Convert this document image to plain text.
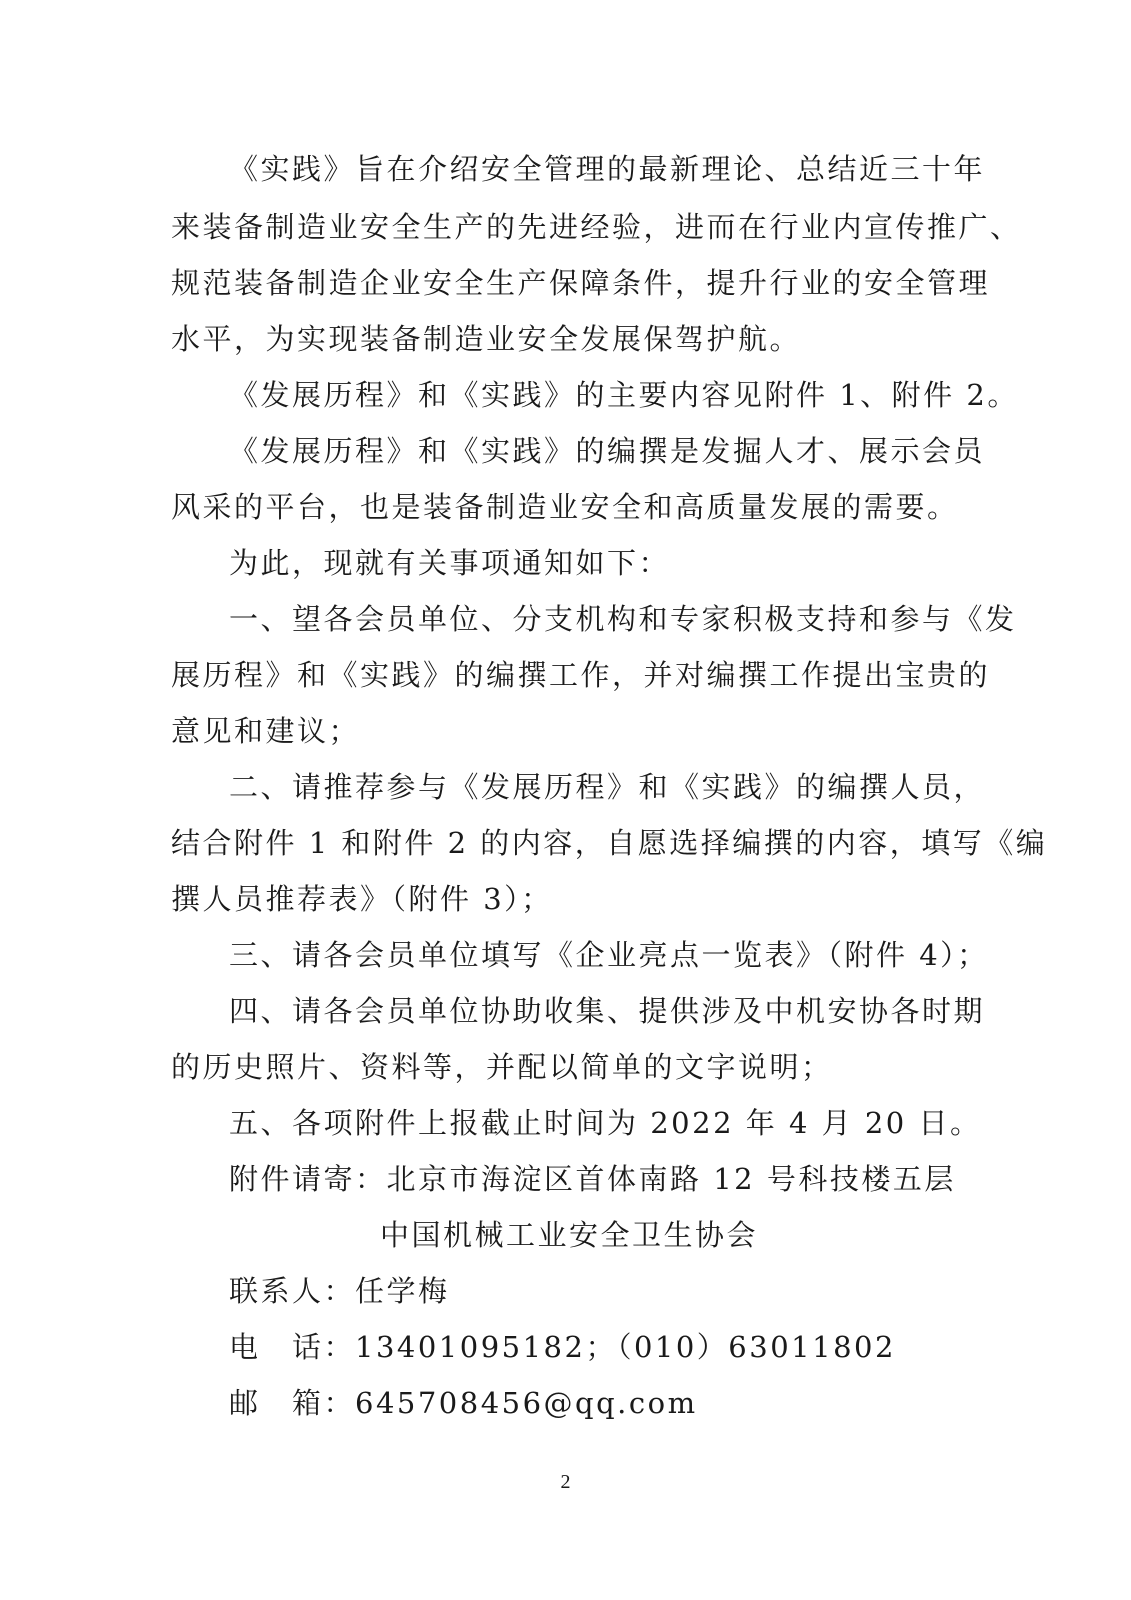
《实践》旨在介绍安全管理的最新理论、总结近三十年
来装备制造业安全生产的先进经验，进而在行业内宣传推广、
规范装备制造企业安全生产保障条件，提升行业的安全管理
水平，为实现装备制造业安全发展保驾护航。
《发展历程》和《实践》的主要内容见附件 1、附件 2。
《发展历程》和《实践》的编撰是发掘人才、展示会员
风采的平台，也是装备制造业安全和高质量发展的需要。
为此，现就有关事项通知如下：
一、望各会员单位、分支机构和专家积极支持和参与《发
展历程》和《实践》的编撰工作，并对编撰工作提出宝贵的
意见和建议；
二、请推荐参与《发展历程》和《实践》的编撰人员，
结合附件 1 和附件 2 的内容，自愿选择编撰的内容，填写《编
撰人员推荐表》（附件 3）；
三、请各会员单位填写《企业亮点一览表》（附件 4）；
四、请各会员单位协助收集、提供涉及中机安协各时期
的历史照片、资料等，并配以简单的文字说明；
五、各项附件上报截止时间为 2022 年 4 月 20 日。
附件请寄：北京市海淀区首体南路 12 号科技楼五层
中国机械工业安全卫生协会
联系人：任学梅
电　话：13401095182；（010）63011802
邮　箱：645708456@qq.com
2
